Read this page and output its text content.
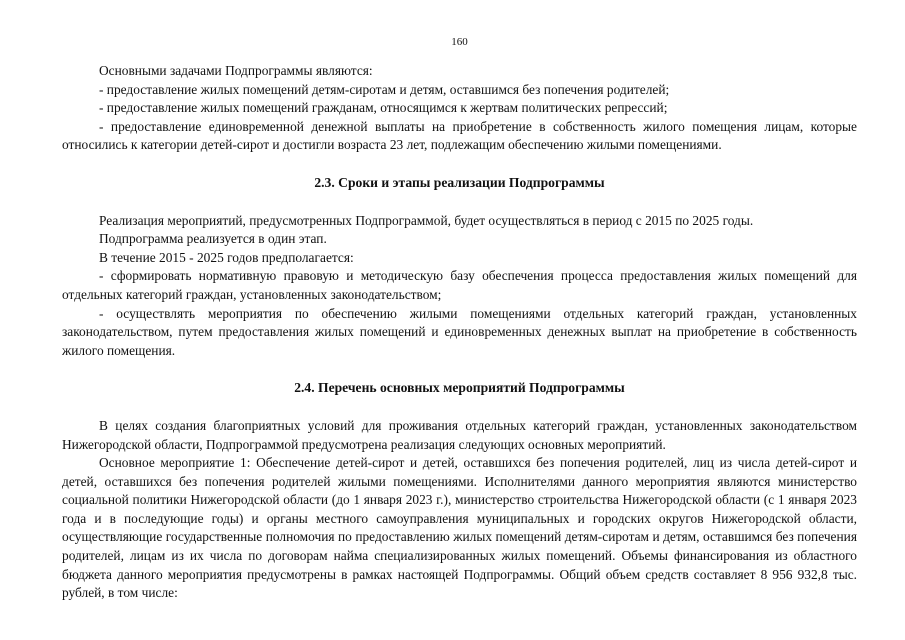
160

Основными задачами Подпрограммы являются:

- предоставление жилых помещений детям-сиротам и детям, оставшимся без попечения родителей;

- предоставление жилых помещений гражданам, относящимся к жертвам политических репрессий;

- предоставление единовременной денежной выплаты на приобретение в собственность жилого помещения лицам, которые относились к категории детей-сирот и достигли возраста 23 лет, подлежащим обеспечению жилыми помещениями.

2.3. Сроки и этапы реализации Подпрограммы

Реализация мероприятий, предусмотренных Подпрограммой, будет осуществляться в период с 2015 по 2025 годы.

Подпрограмма реализуется в один этап.

В течение 2015 - 2025 годов предполагается:

- сформировать нормативную правовую и методическую базу обеспечения процесса предоставления жилых помещений для отдельных категорий граждан, установленных законодательством;

- осуществлять мероприятия по обеспечению жилыми помещениями отдельных категорий граждан, установленных законодательством, путем предоставления жилых помещений и единовременных денежных выплат на приобретение в собственность жилого помещения.

2.4. Перечень основных мероприятий Подпрограммы

В целях создания благоприятных условий для проживания отдельных категорий граждан, установленных законодательством Нижегородской области, Подпрограммой предусмотрена реализация следующих основных мероприятий.

Основное мероприятие 1: Обеспечение детей-сирот и детей, оставшихся без попечения родителей, лиц из числа детей-сирот и детей, оставшихся без попечения родителей жилыми помещениями. Исполнителями данного мероприятия являются министерство социальной политики Нижегородской области (до 1 января 2023 г.), министерство строительства Нижегородской области (с 1 января 2023 года и в последующие годы) и органы местного самоуправления муниципальных и городских округов Нижегородской области, осуществляющие государственные полномочия по предоставлению жилых помещений детям-сиротам и детям, оставшимся без попечения родителей, лицам из их числа по договорам найма специализированных жилых помещений. Объемы финансирования из областного бюджета данного мероприятия предусмотрены в рамках настоящей Подпрограммы. Общий объем средств составляет 8 956 932,8 тыс. рублей, в том числе:
